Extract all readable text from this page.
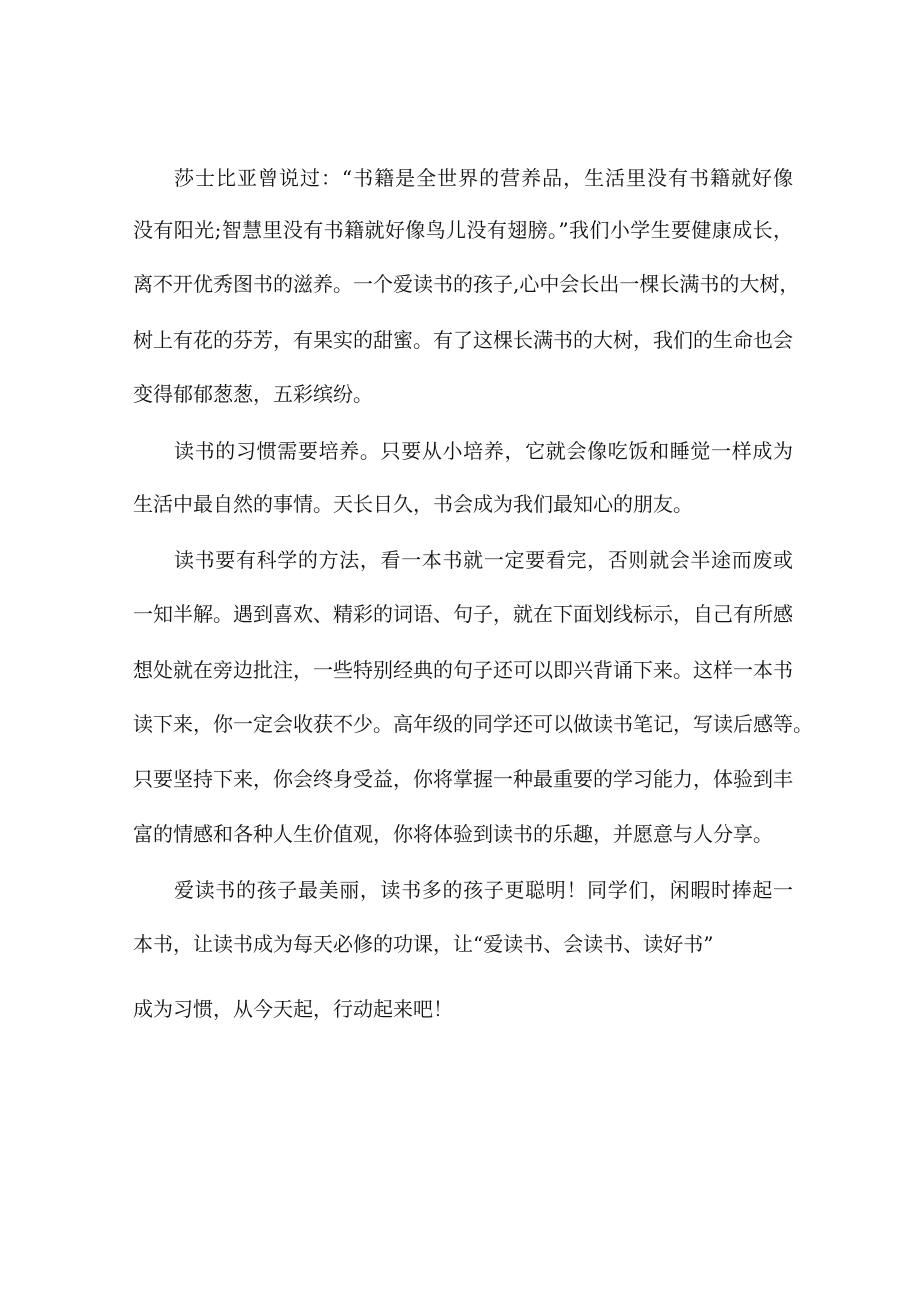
莎士比亚曾说过：“书籍是全世界的营养品，生活里没有书籍就好像
没有阳光;智慧里没有书籍就好像鸟儿没有翅膀。”我们小学生要健康成长，
离不开优秀图书的滋养。一个爱读书的孩子,心中会长出一棵长满书的大树，
树上有花的芬芳，有果实的甜蜜。有了这棵长满书的大树，我们的生命也会
变得郁郁葱葱，五彩缤纷。
读书的习惯需要培养。只要从小培养，它就会像吃饭和睡觉一样成为
生活中最自然的事情。天长日久，书会成为我们最知心的朋友。
读书要有科学的方法，看一本书就一定要看完，否则就会半途而废或
一知半解。遇到喜欢、精彩的词语、句子，就在下面划线标示，自己有所感
想处就在旁边批注，一些特别经典的句子还可以即兴背诵下来。这样一本书
读下来，你一定会收获不少。高年级的同学还可以做读书笔记，写读后感等。
只要坚持下来，你会终身受益，你将掌握一种最重要的学习能力，体验到丰
富的情感和各种人生价值观，你将体验到读书的乐趣，并愿意与人分享。
爱读书的孩子最美丽，读书多的孩子更聪明！同学们，闲暇时捧起一
本书，让读书成为每天必修的功课，让“爱读书、会读书、读好书”
成为习惯，从今天起，行动起来吧！
